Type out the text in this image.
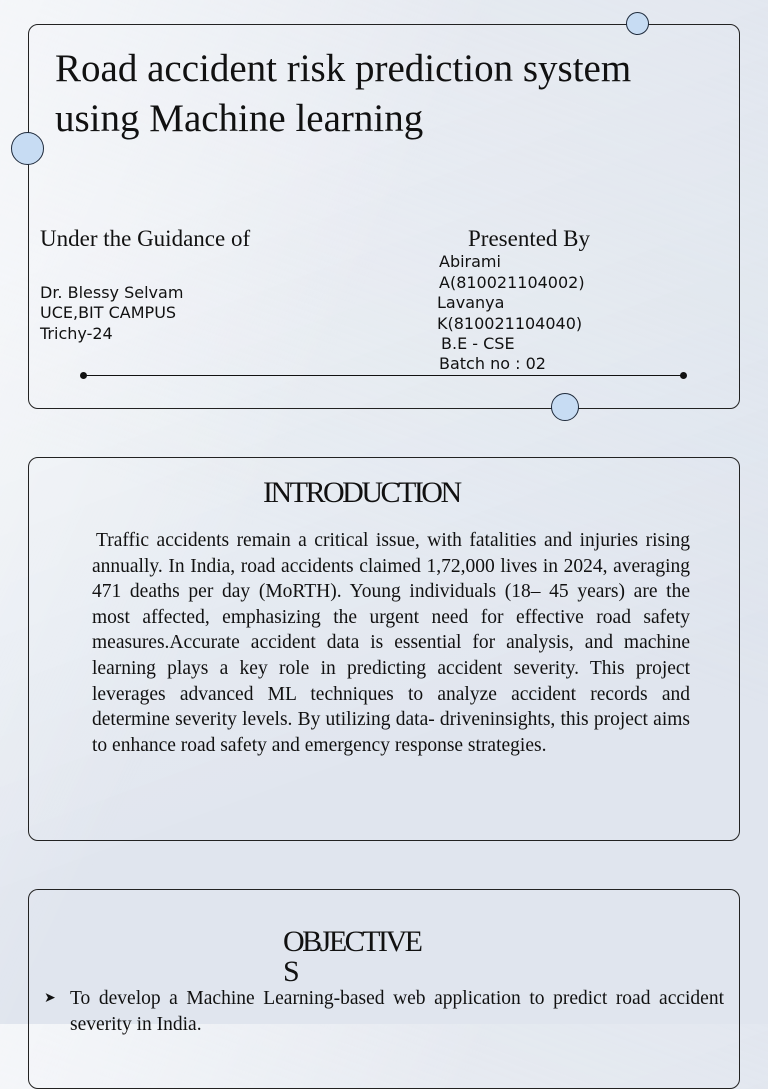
Road accident risk prediction system using Machine learning
Under the Guidance of
Dr. Blessy Selvam
UCE,BIT CAMPUS
Trichy-24
Presented By
Abirami
A(810021104002)
Lavanya
K(810021104040)
B.E - CSE
Batch no : 02
INTRODUCTION

Traffic accidents remain a critical issue, with fatalities and injuries rising annually. In India, road accidents claimed 1,72,000 lives in 2024, averaging 471 deaths per day (MoRTH). Young individuals (18– 45 years) are the most affected, emphasizing the urgent need for effective road safety measures.Accurate accident data is essential for analysis, and machine learning plays a key role in predicting accident severity. This project leverages advanced ML techniques to analyze accident records and determine severity levels. By utilizing data- driveninsights, this project aims to enhance road safety and emergency response strategies.

OBJECTIVE
S
➤ To develop a Machine Learning-based web application to predict road accident severity in India.
